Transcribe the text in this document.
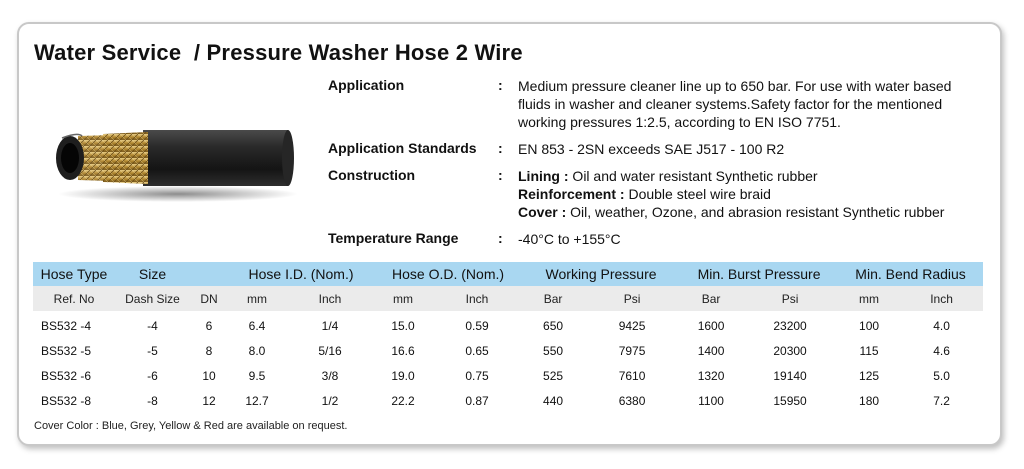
Water Service  / Pressure Washer Hose 2 Wire
Application	: Medium pressure cleaner line up to 650 bar. For use with water based
fluids in washer and cleaner systems.Safety factor for the mentioned
working pressures 1:2.5, according to EN ISO 7751.
Application Standards	: EN 853 - 2SN exceeds SAE J517 - 100 R2
Construction	: Lining : Oil and water resistant Synthetic rubber
Reinforcement : Double steel wire braid
Cover : Oil, weather, Ozone, and abrasion resistant Synthetic rubber
Temperature Range	: -40°C to +155°C
Hose Type	Size		Hose I.D. (Nom.)		Hose O.D. (Nom.)		Working Pressure		Min. Burst Pressure		Min. Bend Radius	
Ref. No	Dash Size	DN	mm	Inch	mm	Inch	Bar	Psi	Bar	Psi	mm	Inch
BS532 -4	-4	6	6.4	1/4	15.0	0.59	650	9425	1600	23200	100	4.0
BS532 -5	-5	8	8.0	5/16	16.6	0.65	550	7975	1400	20300	115	4.6
BS532 -6	-6	10	9.5	3/8	19.0	0.75	525	7610	1320	19140	125	5.0
BS532 -8	-8	12	12.7	1/2	22.2	0.87	440	6380	1100	15950	180	7.2
Cover Color : Blue, Grey, Yellow & Red are available on request.
